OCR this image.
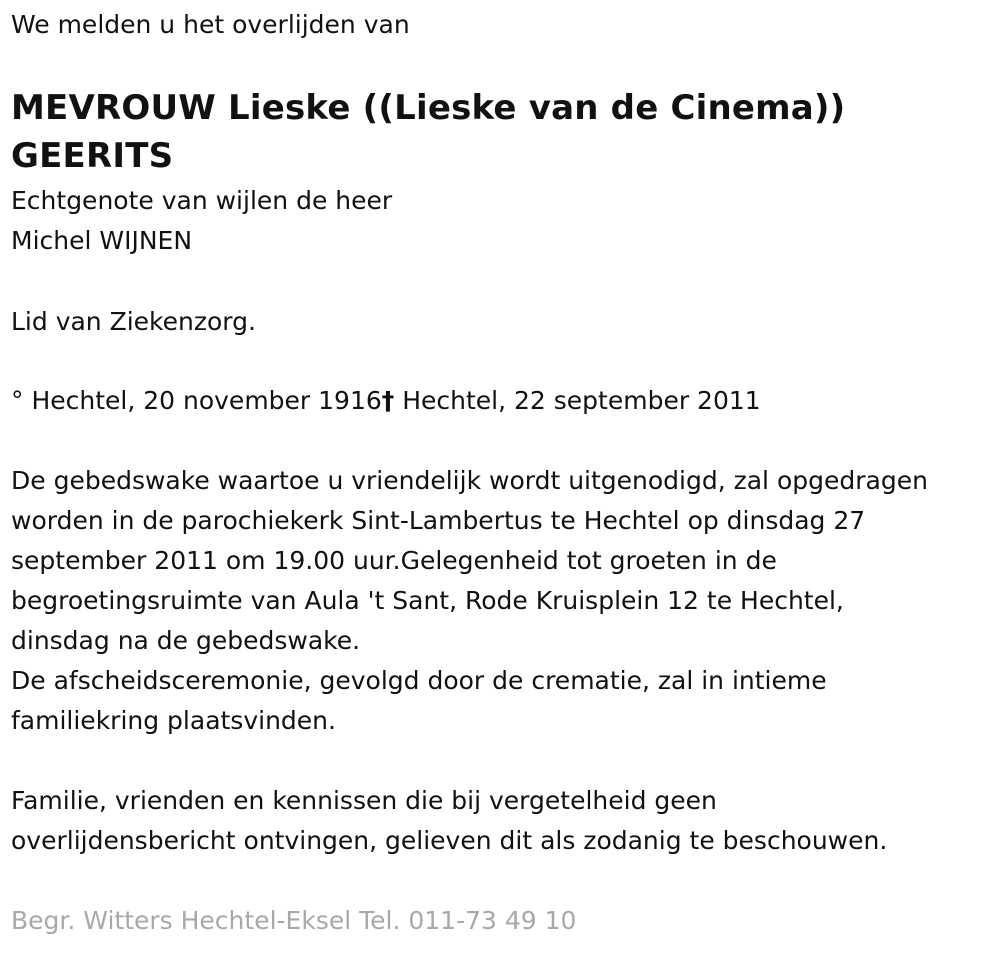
We melden u het overlijden van

MEVROUW Lieske ((Lieske van de Cinema))
GEERITS

Echtgenote van wijlen de heer

Michel WIJNEN

Lid van Ziekenzorg.

° Hechtel, 20 november 1916† Hechtel, 22 september 2011

De gebedswake waartoe u vriendelijk wordt uitgenodigd, zal opgedragen

worden in de parochiekerk Sint-Lambertus te Hechtel op dinsdag 27

september 2011 om 19.00 uur.Gelegenheid tot groeten in de

begroetingsruimte van Aula 't Sant, Rode Kruisplein 12 te Hechtel,

dinsdag na de gebedswake.

De afscheidsceremonie, gevolgd door de crematie, zal in intieme

familiekring plaatsvinden.

Familie, vrienden en kennissen die bij vergetelheid geen

overlijdensbericht ontvingen, gelieven dit als zodanig te beschouwen.

Begr. Witters Hechtel-Eksel Tel. 011-73 49 10
